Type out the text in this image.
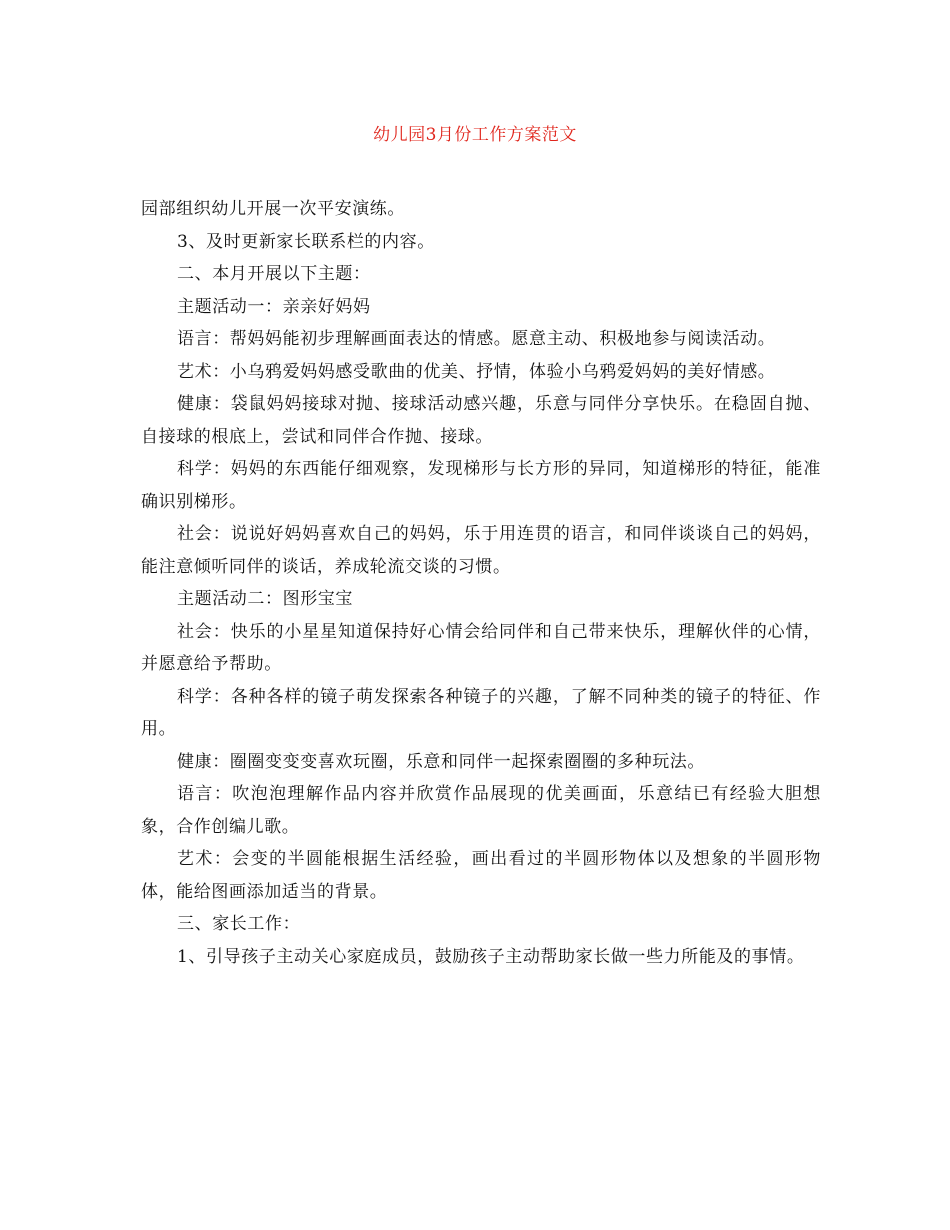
幼儿园3月份工作方案范文

园部组织幼儿开展一次平安演练。

3、及时更新家长联系栏的内容。

二、本月开展以下主题：

主题活动一：亲亲好妈妈

语言：帮妈妈能初步理解画面表达的情感。愿意主动、积极地参与阅读活动。

艺术：小乌鸦爱妈妈感受歌曲的优美、抒情，体验小乌鸦爱妈妈的美好情感。

健康：袋鼠妈妈接球对抛、接球活动感兴趣，乐意与同伴分享快乐。在稳固自抛、自接球的根底上，尝试和同伴合作抛、接球。

科学：妈妈的东西能仔细观察，发现梯形与长方形的异同，知道梯形的特征，能准确识别梯形。

社会：说说好妈妈喜欢自己的妈妈，乐于用连贯的语言，和同伴谈谈自己的妈妈，能注意倾听同伴的谈话，养成轮流交谈的习惯。

主题活动二：图形宝宝

社会：快乐的小星星知道保持好心情会给同伴和自己带来快乐，理解伙伴的心情，并愿意给予帮助。

科学：各种各样的镜子萌发探索各种镜子的兴趣，了解不同种类的镜子的特征、作用。

健康：圈圈变变变喜欢玩圈，乐意和同伴一起探索圈圈的多种玩法。

语言：吹泡泡理解作品内容并欣赏作品展现的优美画面，乐意结已有经验大胆想象，合作创编儿歌。

艺术：会变的半圆能根据生活经验，画出看过的半圆形物体以及想象的半圆形物体，能给图画添加适当的背景。

三、家长工作：

1、引导孩子主动关心家庭成员，鼓励孩子主动帮助家长做一些力所能及的事情。
